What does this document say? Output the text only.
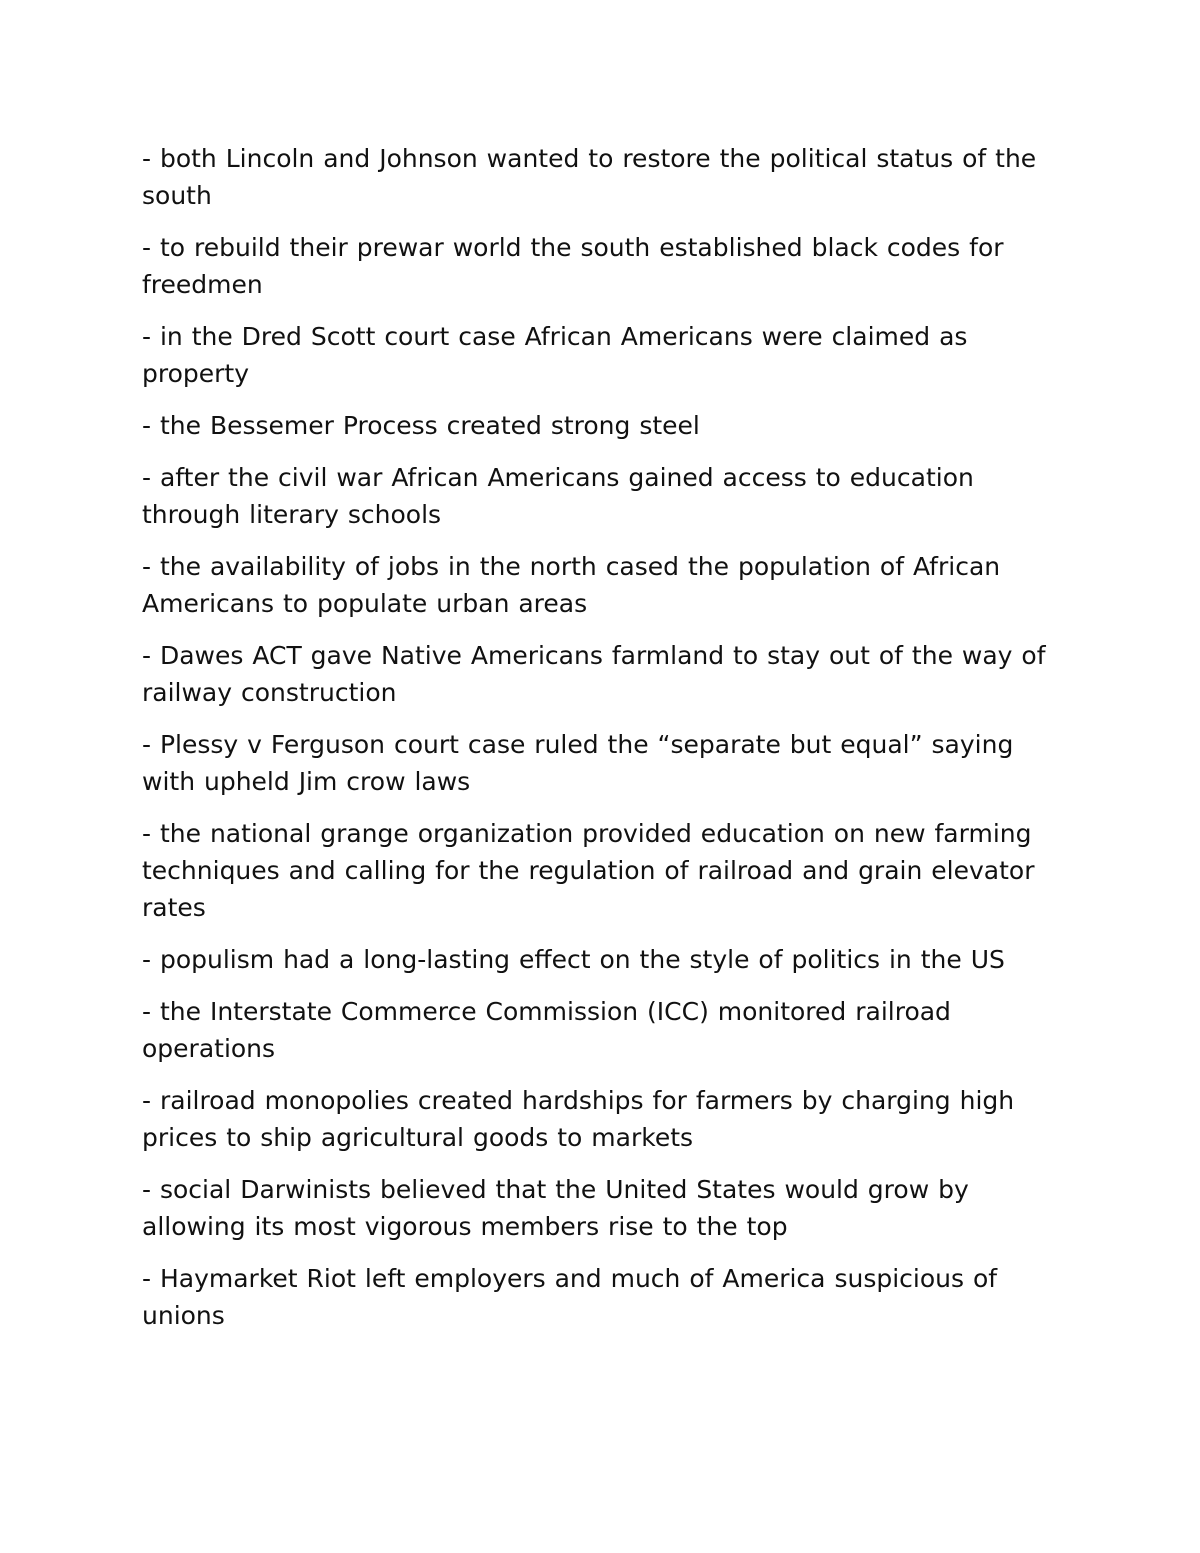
- both Lincoln and Johnson wanted to restore the political status of the south
- to rebuild their prewar world the south established black codes for freedmen
- in the Dred Scott court case African Americans were claimed as property
- the Bessemer Process created strong steel
- after the civil war African Americans gained access to education through literary schools
- the availability of jobs in the north cased the population of African Americans to populate urban areas
- Dawes ACT gave Native Americans farmland to stay out of the way of railway construction
- Plessy v Ferguson court case ruled the “separate but equal” saying with upheld Jim crow laws
- the national grange organization provided education on new farming techniques and calling for the regulation of railroad and grain elevator rates
- populism had a long-lasting effect on the style of politics in the US
- the Interstate Commerce Commission (ICC) monitored railroad operations
- railroad monopolies created hardships for farmers by charging high prices to ship agricultural goods to markets
- social Darwinists believed that the United States would grow by allowing its most vigorous members rise to the top
- Haymarket Riot left employers and much of America suspicious of unions
